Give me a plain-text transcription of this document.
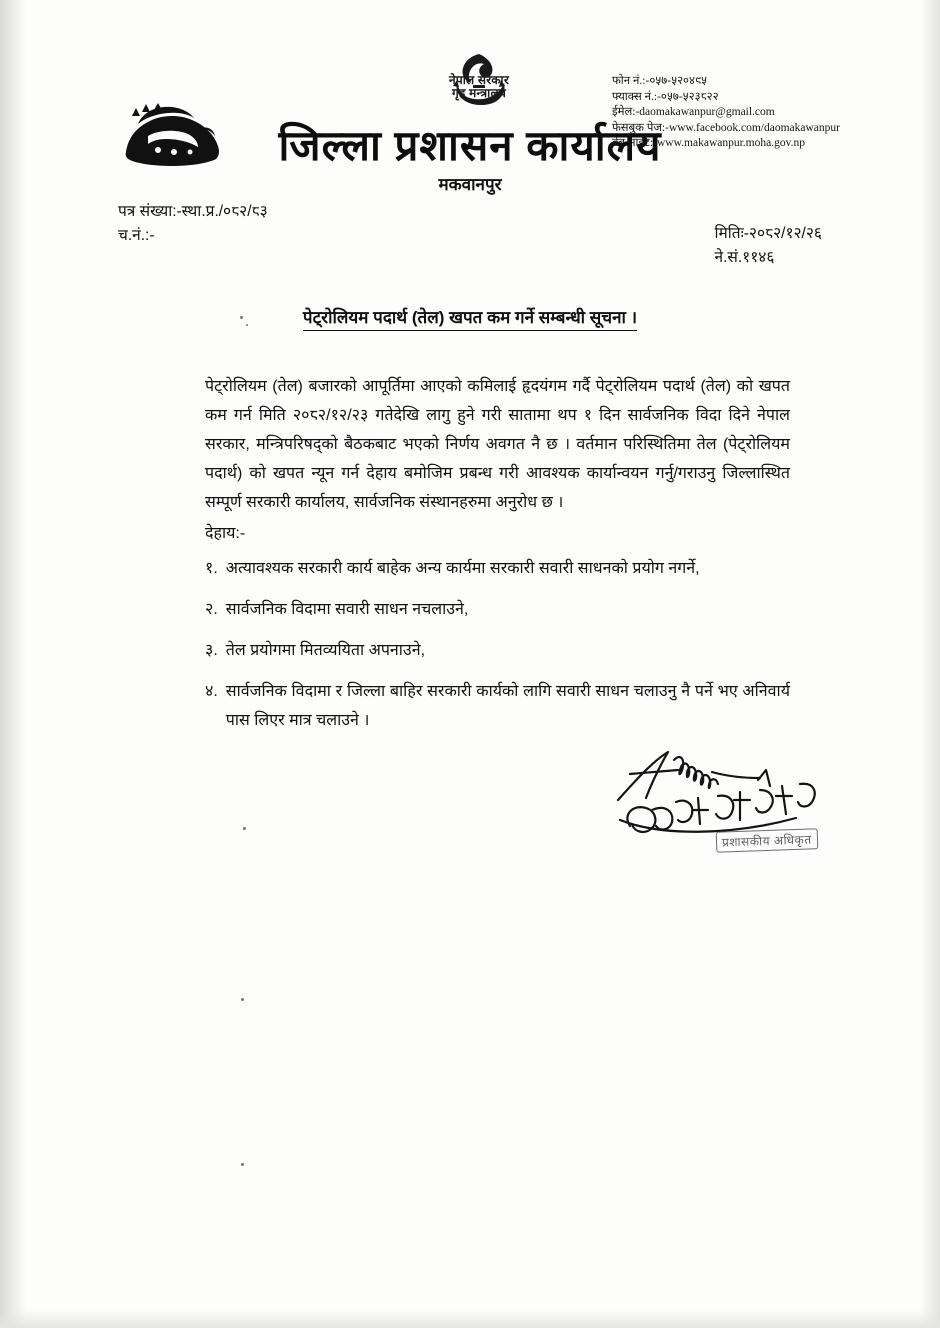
नेपाल सरकार
गृह मन्त्रालय
जिल्ला प्रशासन कार्यालय
मकवानपुर
फोन नं.:-०५७-५२०४९५
फ्याक्स नं.:-०५७-५२३८२२
ईमेल:-daomakawanpur@gmail.com
फेसबुक पेज:-www.facebook.com/daomakawanpur
वेब साइट:-www.makawanpur.moha.gov.np
पत्र संख्या:-स्था.प्र./०८२/८३
च.नं.:-	मितिः-२०८२/१२/२६
ने.सं.११४६
पेट्रोलियम पदार्थ (तेल) खपत कम गर्ने सम्बन्धी सूचना ।

पेट्रोलियम (तेल) बजारको आपूर्तिमा आएको कमिलाई हृदयंगम गर्दै पेट्रोलियम पदार्थ (तेल) को खपत कम गर्न मिति २०८२/१२/२३ गतेदेखि लागु हुने गरी सातामा थप १ दिन सार्वजनिक विदा दिने नेपाल सरकार, मन्त्रिपरिषद्को बैठकबाट भएको निर्णय अवगत नै छ । वर्तमान परिस्थितिमा तेल (पेट्रोलियम पदार्थ) को खपत न्यून गर्न देहाय बमोजिम प्रबन्ध गरी आवश्यक कार्यान्वयन गर्नु/गराउनु जिल्लास्थित सम्पूर्ण सरकारी कार्यालय, सार्वजनिक संस्थानहरुमा अनुरोध छ ।

देहाय:-
१. अत्यावश्यक सरकारी कार्य बाहेक अन्य कार्यमा सरकारी सवारी साधनको प्रयोग नगर्ने,
२. सार्वजनिक विदामा सवारी साधन नचलाउने,
३. तेल प्रयोगमा मितव्ययिता अपनाउने,
४. सार्वजनिक विदामा र जिल्ला बाहिर सरकारी कार्यको लागि सवारी साधन चलाउनु नै पर्ने भए अनिवार्य पास लिएर मात्र चलाउने ।
प्रशासकीय अधिकृत
